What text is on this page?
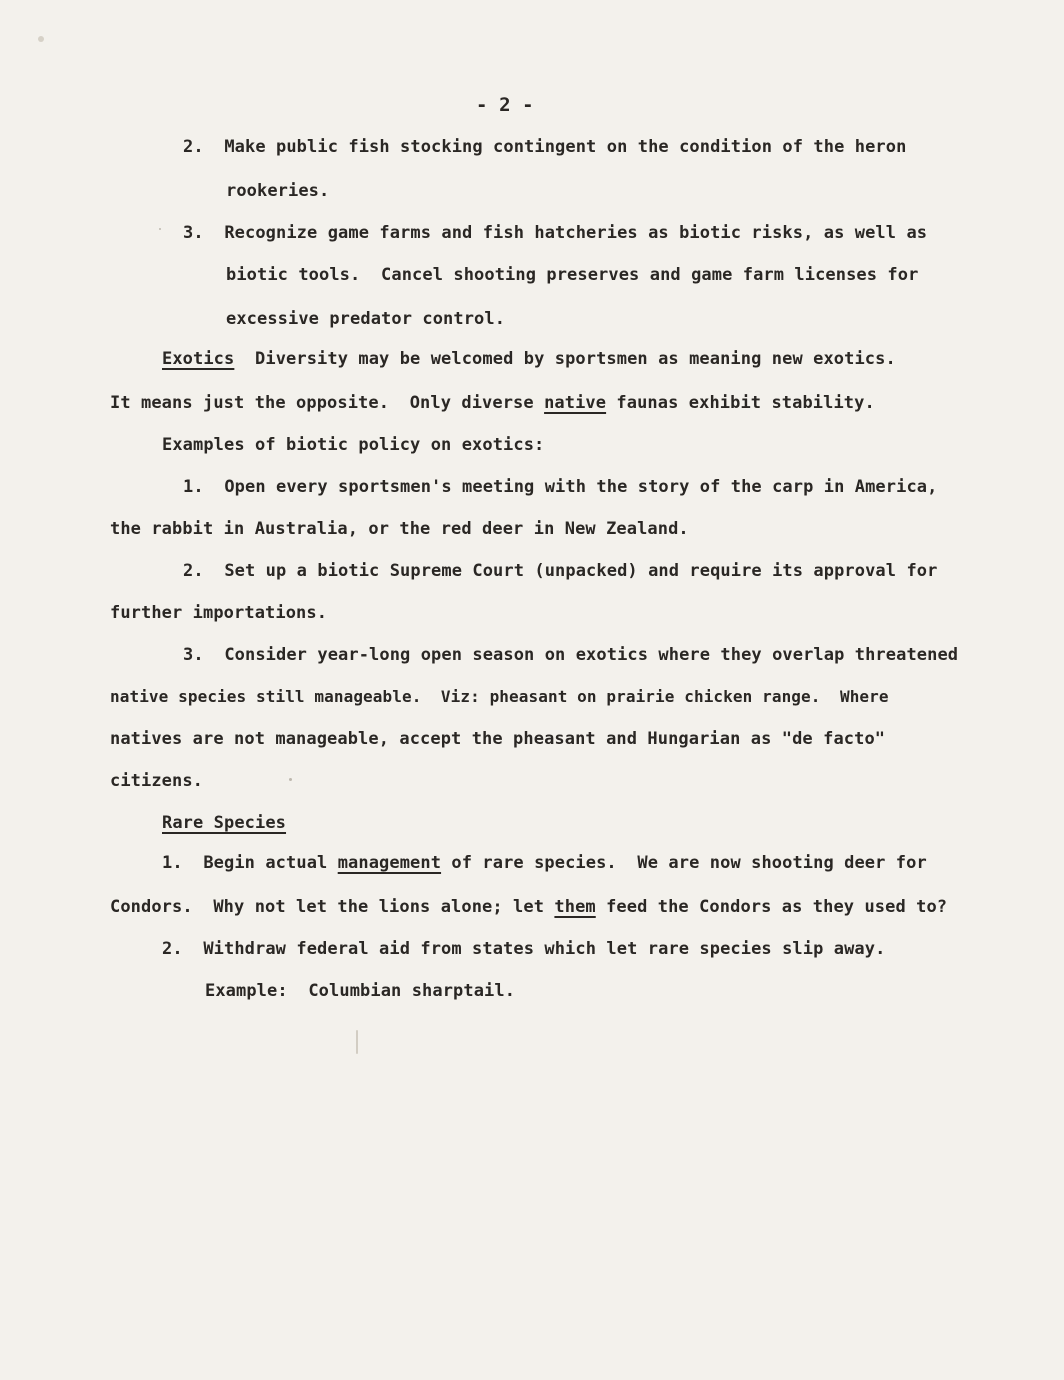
- 2 -
2.  Make public fish stocking contingent on the condition of the heron
rookeries.
3.  Recognize game farms and fish hatcheries as biotic risks, as well as
biotic tools.  Cancel shooting preserves and game farm licenses for
excessive predator control.
Exotics  Diversity may be welcomed by sportsmen as meaning new exotics.
It means just the opposite.  Only diverse native faunas exhibit stability.
Examples of biotic policy on exotics:
1.  Open every sportsmen's meeting with the story of the carp in America,
the rabbit in Australia, or the red deer in New Zealand.
2.  Set up a biotic Supreme Court (unpacked) and require its approval for
further importations.
3.  Consider year-long open season on exotics where they overlap threatened
native species still manageable.  Viz: pheasant on prairie chicken range.  Where
natives are not manageable, accept the pheasant and Hungarian as "de facto"
citizens.
Rare Species
1.  Begin actual management of rare species.  We are now shooting deer for
Condors.  Why not let the lions alone; let them feed the Condors as they used to?
2.  Withdraw federal aid from states which let rare species slip away.
Example:  Columbian sharptail.
